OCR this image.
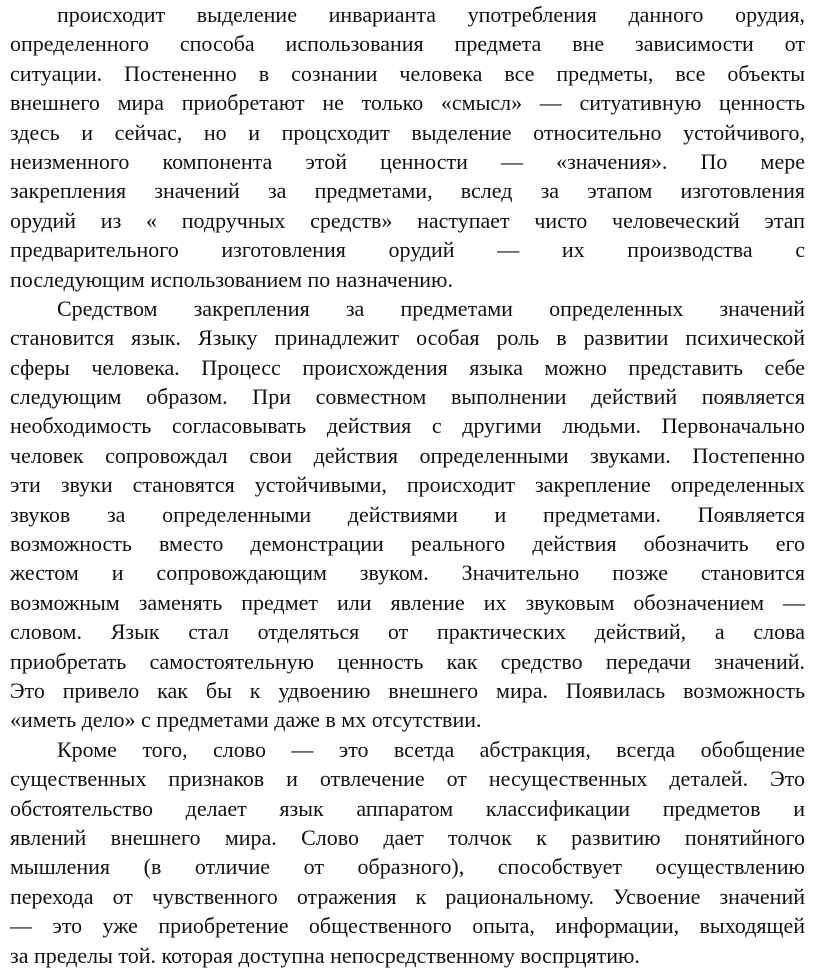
происходит выделение инварианта употребления данного орудия,
определенного способа использования предмета вне зависимости от
ситуации. Постененно в сознании человека все предметы, все объекты
внешнего мира приобретают не только «смысл» — ситуативную ценность
здесь и сейчас, но и процсходит выделение относительно устойчивого,
неизменного компонента этой ценности — «значения». По мере
закрепления значений за предметами, вслед за этапом изготовления
орудий из « подручных средств» наступает чисто человеческий этап
предварительного изготовления орудий — их производства с
последующим использованием по назначению.
Средством закрепления за предметами определенных значений
становится язык. Языку принадлежит особая роль в развитии психической
сферы человека. Процесс происхождения языка можно представить себе
следующим образом. При совместном выполнении действий появляется
необходимость согласовывать действия с другими людьми. Первоначально
человек сопровождал свои действия определенными звуками. Постепенно
эти звуки становятся устойчивыми, происходит закрепление определенных
звуков за определенными действиями и предметами. Появляется
возможность вместо демонстрации реального действия обозначить его
жестом и сопровождающим звуком. Значительно позже становится
возможным заменять предмет или явление их звуковым обозначением —
словом. Язык стал отделяться от практических действий, а слова
приобретать самостоятельную ценность как средство передачи значений.
Это привело как бы к удвоению внешнего мира. Появилась возможность
«иметь дело» с предметами даже в мх отсутствии.
Кроме того, слово — это всетда абстракция, всегда обобщение
существенных признаков и отвлечение от несущественных деталей. Это
обстоятельство делает язык аппаратом классификации предметов и
явлений внешнего мира. Слово дает толчок к развитию понятийного
мышления (в отличие от образного), способствует осуществлению
перехода от чувственного отражения к рациональному. Усвоение значений
— это уже приобретение общественного опыта, информации, выходящей
за пределы той. которая доступна непосредственному воспрцятию.
